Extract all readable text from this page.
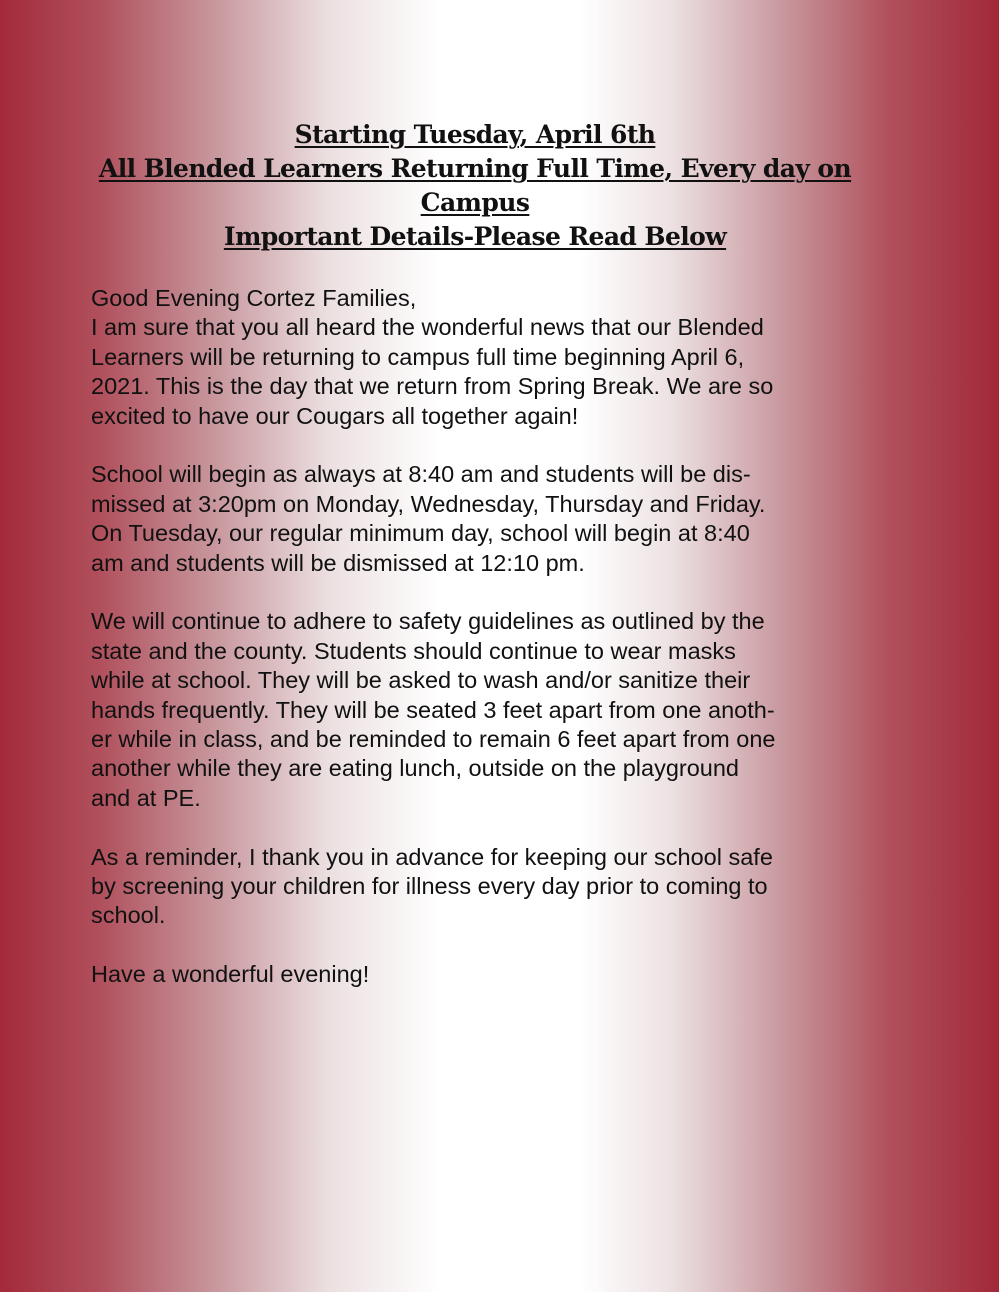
Starting Tuesday, April 6th
All Blended Learners Returning Full Time, Every day on
Campus
Important Details-Please Read Below

Good Evening Cortez Families,
I am sure that you all heard the wonderful news that our Blended
Learners will be returning to campus full time beginning April 6,
2021. This is the day that we return from Spring Break. We are so
excited to have our Cougars all together again!

School will begin as always at 8:40 am and students will be dis-
missed at 3:20pm on Monday, Wednesday, Thursday and Friday.
On Tuesday, our regular minimum day, school will begin at 8:40
am and students will be dismissed at 12:10 pm.

We will continue to adhere to safety guidelines as outlined by the
state and the county. Students should continue to wear masks
while at school. They will be asked to wash and/or sanitize their
hands frequently. They will be seated 3 feet apart from one anoth-
er while in class, and be reminded to remain 6 feet apart from one
another while they are eating lunch, outside on the playground
and at PE.

As a reminder, I thank you in advance for keeping our school safe
by screening your children for illness every day prior to coming to
school.

Have a wonderful evening!
